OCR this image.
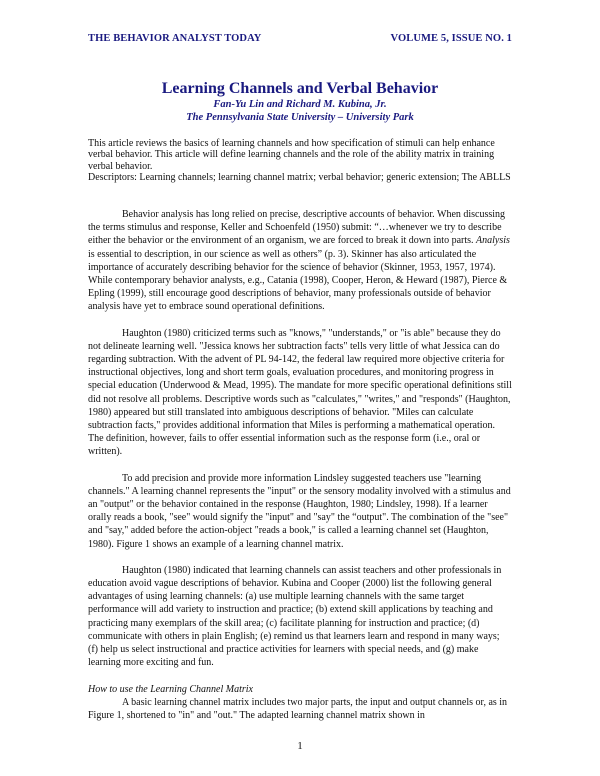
THE BEHAVIOR ANALYST TODAY	VOLUME 5, ISSUE NO. 1
Learning Channels and Verbal Behavior
Fan-Yu Lin and Richard M. Kubina, Jr.
The Pennsylvania State University – University Park
This article reviews the basics of learning channels and how specification of stimuli can help enhance verbal behavior. This article will define learning channels and the role of the ability matrix in training verbal behavior.
Descriptors: Learning channels; learning channel matrix; verbal behavior; generic extension; The ABLLS

Behavior analysis has long relied on precise, descriptive accounts of behavior. When discussing the terms stimulus and response, Keller and Schoenfeld (1950) submit: “…whenever we try to describe either the behavior or the environment of an organism, we are forced to break it down into parts. Analysis is essential to description, in our science as well as others” (p. 3). Skinner has also articulated the importance of accurately describing behavior for the science of behavior (Skinner, 1953, 1957, 1974). While contemporary behavior analysts, e.g., Catania (1998), Cooper, Heron, & Heward (1987), Pierce & Epling (1999), still encourage good descriptions of behavior, many professionals outside of behavior analysis have yet to embrace sound operational definitions.

Haughton (1980) criticized terms such as "knows," "understands," or "is able" because they do not delineate learning well. "Jessica knows her subtraction facts" tells very little of what Jessica can do regarding subtraction. With the advent of PL 94-142, the federal law required more objective criteria for instructional objectives, long and short term goals, evaluation procedures, and monitoring progress in special education (Underwood & Mead, 1995). The mandate for more specific operational definitions still did not resolve all problems. Descriptive words such as "calculates," "writes," and "responds" (Haughton, 1980) appeared but still translated into ambiguous descriptions of behavior. "Miles can calculate subtraction facts," provides additional information that Miles is performing a mathematical operation. The definition, however, fails to offer essential information such as the response form (i.e., oral or written).

To add precision and provide more information Lindsley suggested teachers use "learning channels." A learning channel represents the "input" or the sensory modality involved with a stimulus and an "output" or the behavior contained in the response (Haughton, 1980; Lindsley, 1998). If a learner orally reads a book, "see" would signify the "input" and "say" the “output". The combination of the "see" and "say," added before the action-object "reads a book," is called a learning channel set (Haughton, 1980). Figure 1 shows an example of a learning channel matrix.

Haughton (1980) indicated that learning channels can assist teachers and other professionals in education avoid vague descriptions of behavior. Kubina and Cooper (2000) list the following general advantages of using learning channels: (a) use multiple learning channels with the same target performance will add variety to instruction and practice; (b) extend skill applications by teaching and practicing many exemplars of the skill area; (c) facilitate planning for instruction and practice; (d) communicate with others in plain English; (e) remind us that learners learn and respond in many ways; (f) help us select instructional and practice activities for learners with special needs, and (g) make learning more exciting and fun.

How to use the Learning Channel Matrix

A basic learning channel matrix includes two major parts, the input and output channels or, as in Figure 1, shortened to "in" and "out." The adapted learning channel matrix shown in

1
